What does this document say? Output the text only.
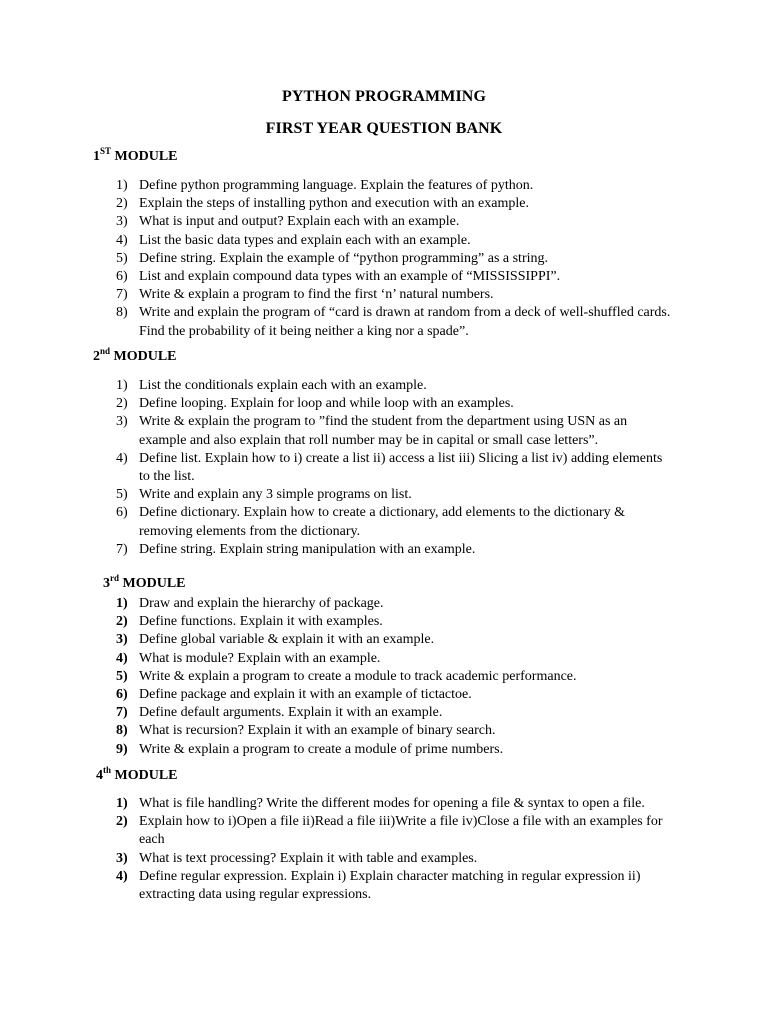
PYTHON PROGRAMMING
FIRST YEAR QUESTION BANK
1ST MODULE
1) Define python programming language. Explain the features of python.
2) Explain the steps of installing python and execution with an example.
3) What is input and output? Explain each with an example.
4) List the basic data types and explain each with an example.
5) Define string. Explain the example of “python programming” as a string.
6) List and explain compound data types with an example of “MISSISSIPPI”.
7) Write & explain a program to find the first ‘n’ natural numbers.
8) Write and explain the program of “card is drawn at random from a deck of well-shuffled cards. Find the probability of it being neither a king nor a spade”.
2nd MODULE
1) List the conditionals explain each with an example.
2) Define looping. Explain for loop and while loop with an examples.
3) Write & explain the program to ”find the student from the department using USN as an example and also explain that roll number may be in capital or small case letters”.
4) Define list. Explain how to i) create a list ii) access a list iii) Slicing a list iv) adding elements to the list.
5) Write and explain any 3 simple programs on list.
6) Define dictionary. Explain how to create a dictionary, add elements to the dictionary & removing elements from the dictionary.
7) Define string. Explain string manipulation with an example.
3rd MODULE
1) Draw and explain the hierarchy of package.
2) Define functions. Explain it with examples.
3) Define global variable & explain it with an example.
4) What is module? Explain with an example.
5) Write & explain a program to create a module to track academic performance.
6) Define package and explain it with an example of tictactoe.
7) Define default arguments. Explain it with an example.
8) What is recursion? Explain it with an example of binary search.
9) Write & explain a program to create a module of prime numbers.
4th MODULE
1) What is file handling? Write the different modes for opening a file & syntax to open a file.
2) Explain how to i)Open a file ii)Read a file iii)Write a file iv)Close a file with an examples for each
3) What is text processing? Explain it with table and examples.
4) Define regular expression. Explain i) Explain character matching in regular expression ii) extracting data using regular expressions.
